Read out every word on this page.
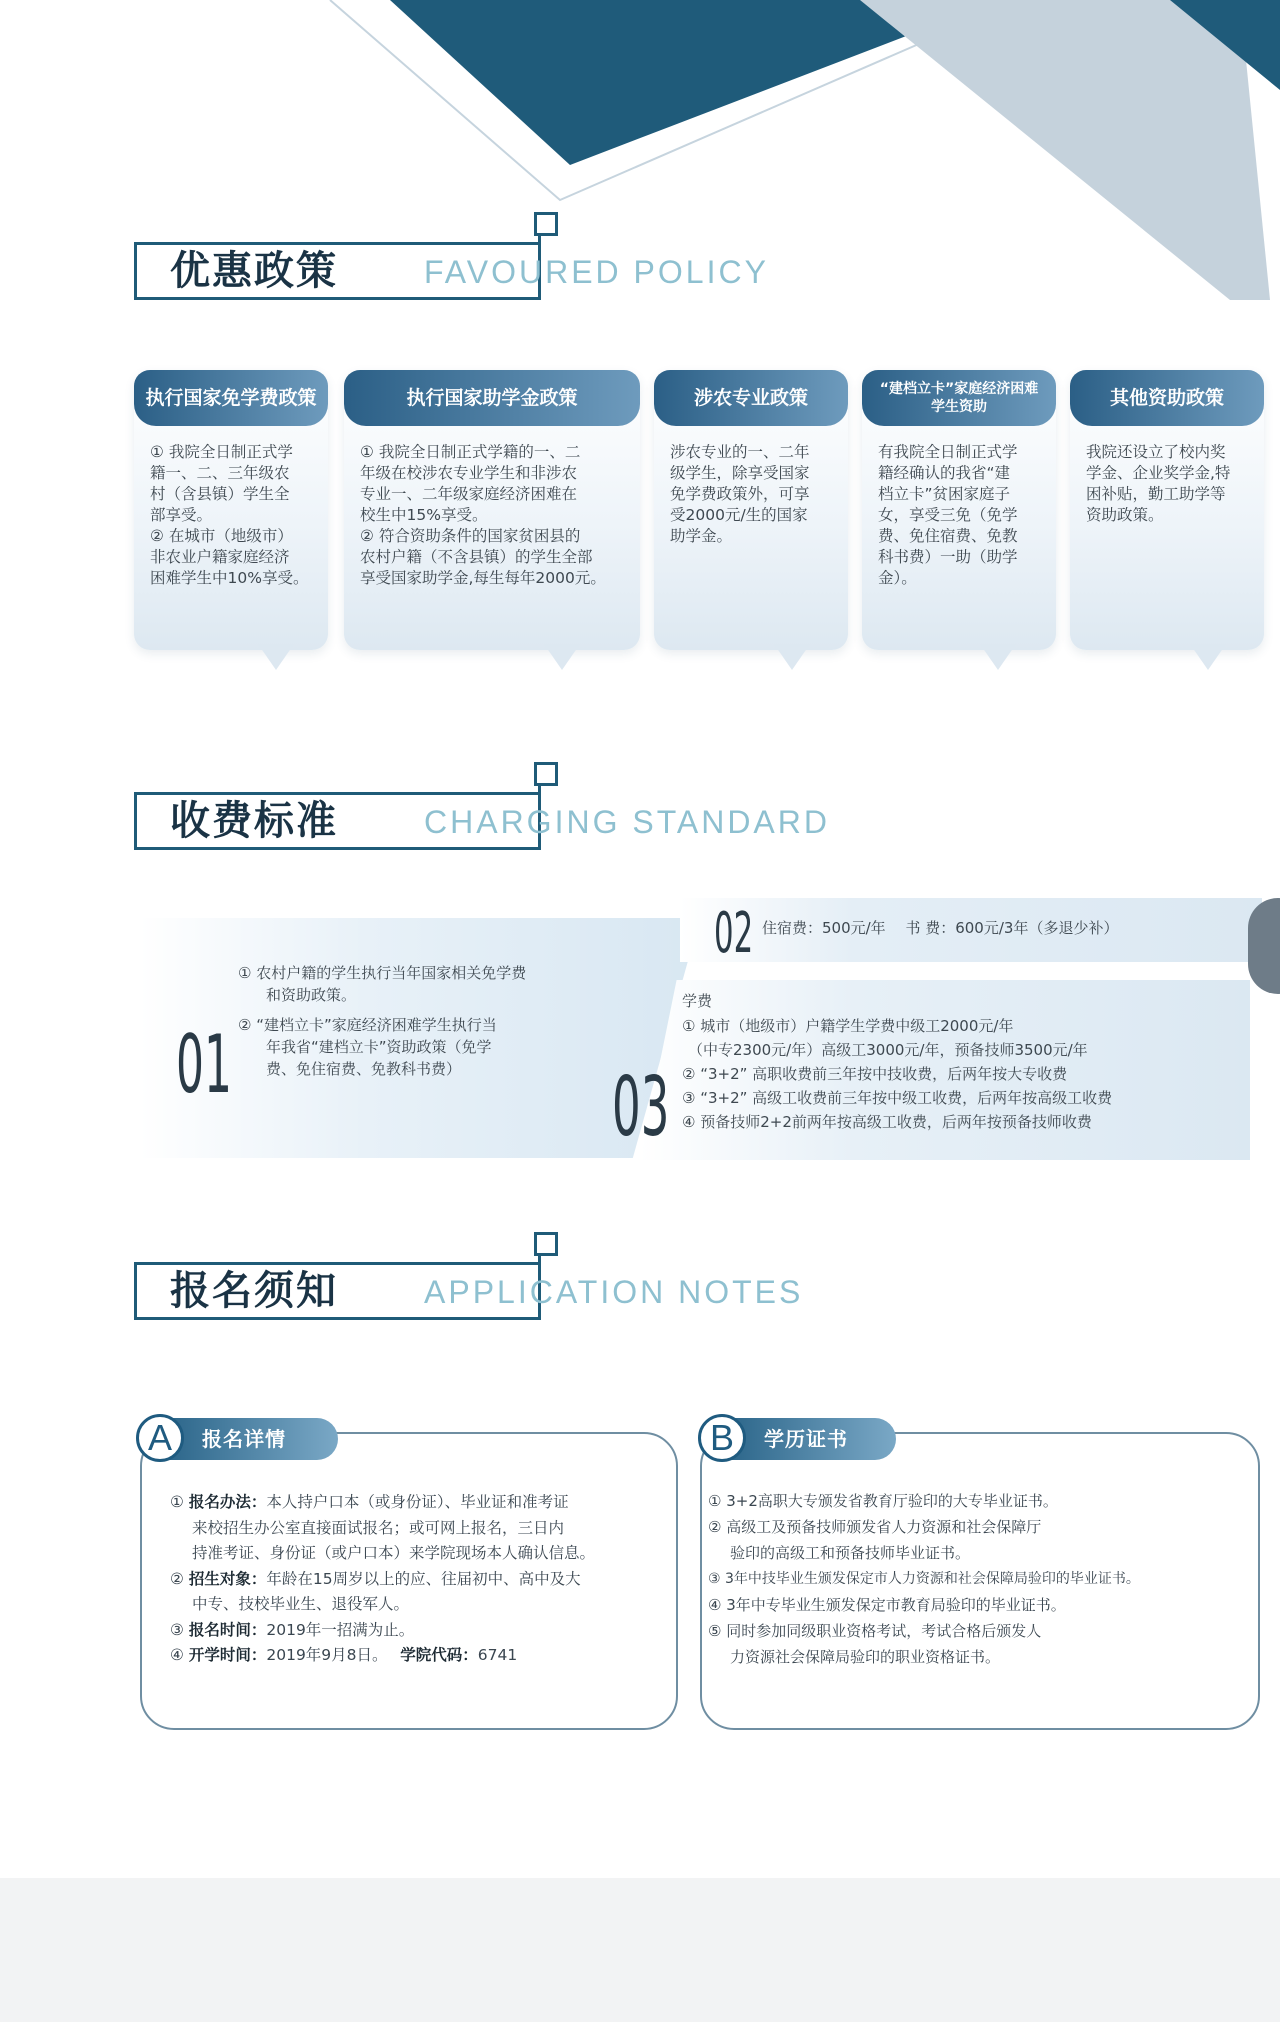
优惠政策	FAVOURED POLICY
执行国家免学费政策

① 我院全日制正式学

籍一、二、三年级农

村（含县镇）学生全

部享受。

② 在城市（地级市）

非农业户籍家庭经济

困难学生中10%享受。

执行国家助学金政策

① 我院全日制正式学籍的一、二

年级在校涉农专业学生和非涉农

专业一、二年级家庭经济困难在

校生中15%享受。

② 符合资助条件的国家贫困县的

农村户籍（不含县镇）的学生全部

享受国家助学金,每生每年2000元。

涉农专业政策

涉农专业的一、二年

级学生，除享受国家

免学费政策外，可享

受2000元/生的国家

助学金。

“建档立卡”家庭经济困难学生资助

有我院全日制正式学

籍经确认的我省“建

档立卡”贫困家庭子

女，享受三免（免学

费、免住宿费、免教

科书费）一助（助学

金）。

其他资助政策

我院还设立了校内奖

学金、企业奖学金,特

困补贴，勤工助学等

资助政策。

收费标准	CHARGING STANDARD
01

① 农村户籍的学生执行当年国家相关免学费

和资助政策。

② “建档立卡”家庭经济困难学生执行当

年我省“建档立卡”资助政策（免学

费、免住宿费、免教科书费）

02 住宿费：500元/年　 书 费：600元/3年（多退少补）
学费
03

① 城市（地级市）户籍学生学费中级工2000元/年

（中专2300元/年）高级工3000元/年，预备技师3500元/年

② “3+2” 高职收费前三年按中技收费，后两年按大专收费

③ “3+2” 高级工收费前三年按中级工收费，后两年按高级工收费

④ 预备技师2+2前两年按高级工收费，后两年按预备技师收费

报名须知	APPLICATION NOTES
A	报名详情

① 报名办法：本人持户口本（或身份证）、毕业证和准考证

来校招生办公室直接面试报名；或可网上报名，三日内

持准考证、身份证（或户口本）来学院现场本人确认信息。

② 招生对象：年龄在15周岁以上的应、往届初中、高中及大

中专、技校毕业生、退役军人。

③ 报名时间：2019年一招满为止。

④ 开学时间：2019年9月8日。　 学院代码：6741

B	学历证书

① 3+2高职大专颁发省教育厅验印的大专毕业证书。

② 高级工及预备技师颁发省人力资源和社会保障厅

验印的高级工和预备技师毕业证书。

③ 3年中技毕业生颁发保定市人力资源和社会保障局验印的毕业证书。

④ 3年中专毕业生颁发保定市教育局验印的毕业证书。

⑤ 同时参加同级职业资格考试，考试合格后颁发人

力资源社会保障局验印的职业资格证书。
